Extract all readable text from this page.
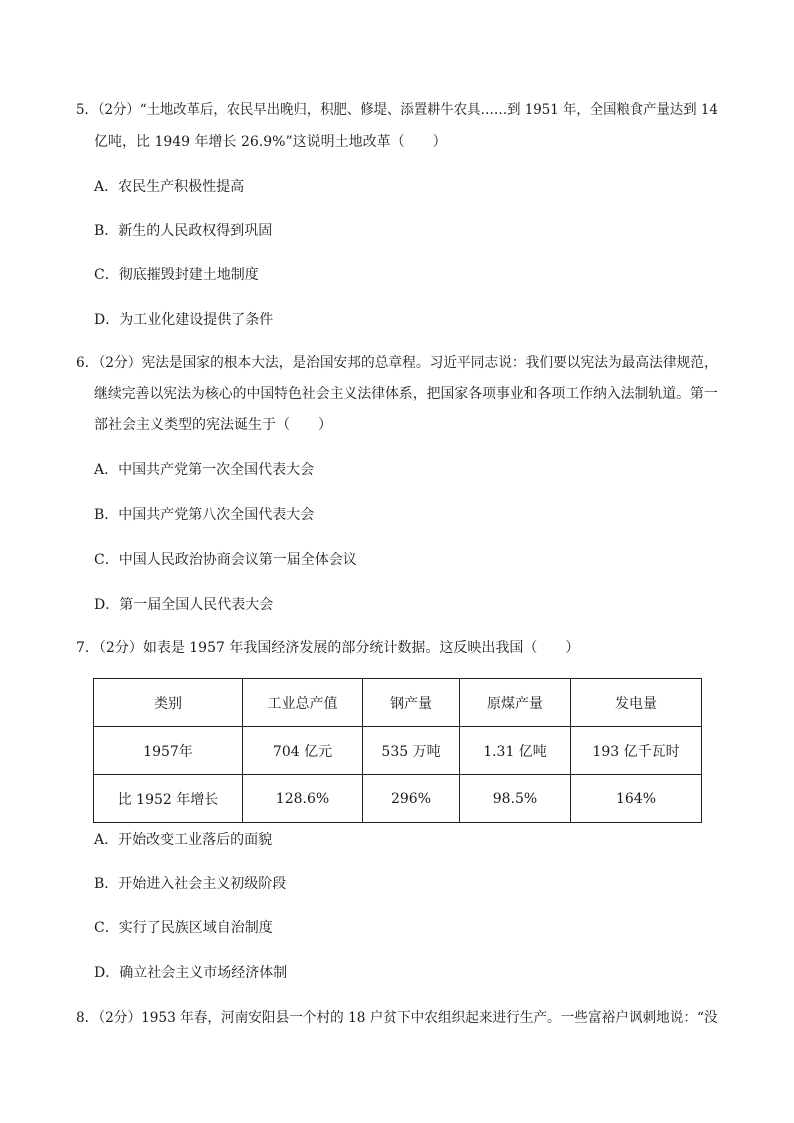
5．（2分）“土地改革后，农民早出晚归，积肥、修堤、添置耕牛农具……到 1951 年，全国粮食产量达到 14
亿吨，比 1949 年增长 26.9%”这说明土地改革（　　）
A．农民生产积极性提高
B．新生的人民政权得到巩固
C．彻底摧毁封建土地制度
D．为工业化建设提供了条件
6．（2分）宪法是国家的根本大法，是治国安邦的总章程。习近平同志说：我们要以宪法为最高法律规范，
继续完善以宪法为核心的中国特色社会主义法律体系，把国家各项事业和各项工作纳入法制轨道。第一
部社会主义类型的宪法诞生于（　　）
A．中国共产党第一次全国代表大会
B．中国共产党第八次全国代表大会
C．中国人民政治协商会议第一届全体会议
D．第一届全国人民代表大会
7．（2分）如表是 1957 年我国经济发展的部分统计数据。这反映出我国（　　）
类别	工业总产值	钢产量	原煤产量	发电量
1957年	704 亿元	535 万吨	1.31 亿吨	193 亿千瓦时
比 1952 年增长	128.6%	296%	98.5%	164%
A．开始改变工业落后的面貌
B．开始进入社会主义初级阶段
C．实行了民族区域自治制度
D．确立社会主义市场经济体制
8．（2分）1953 年春，河南安阳县一个村的 18 户贫下中农组织起来进行生产。一些富裕户讽刺地说：“没
